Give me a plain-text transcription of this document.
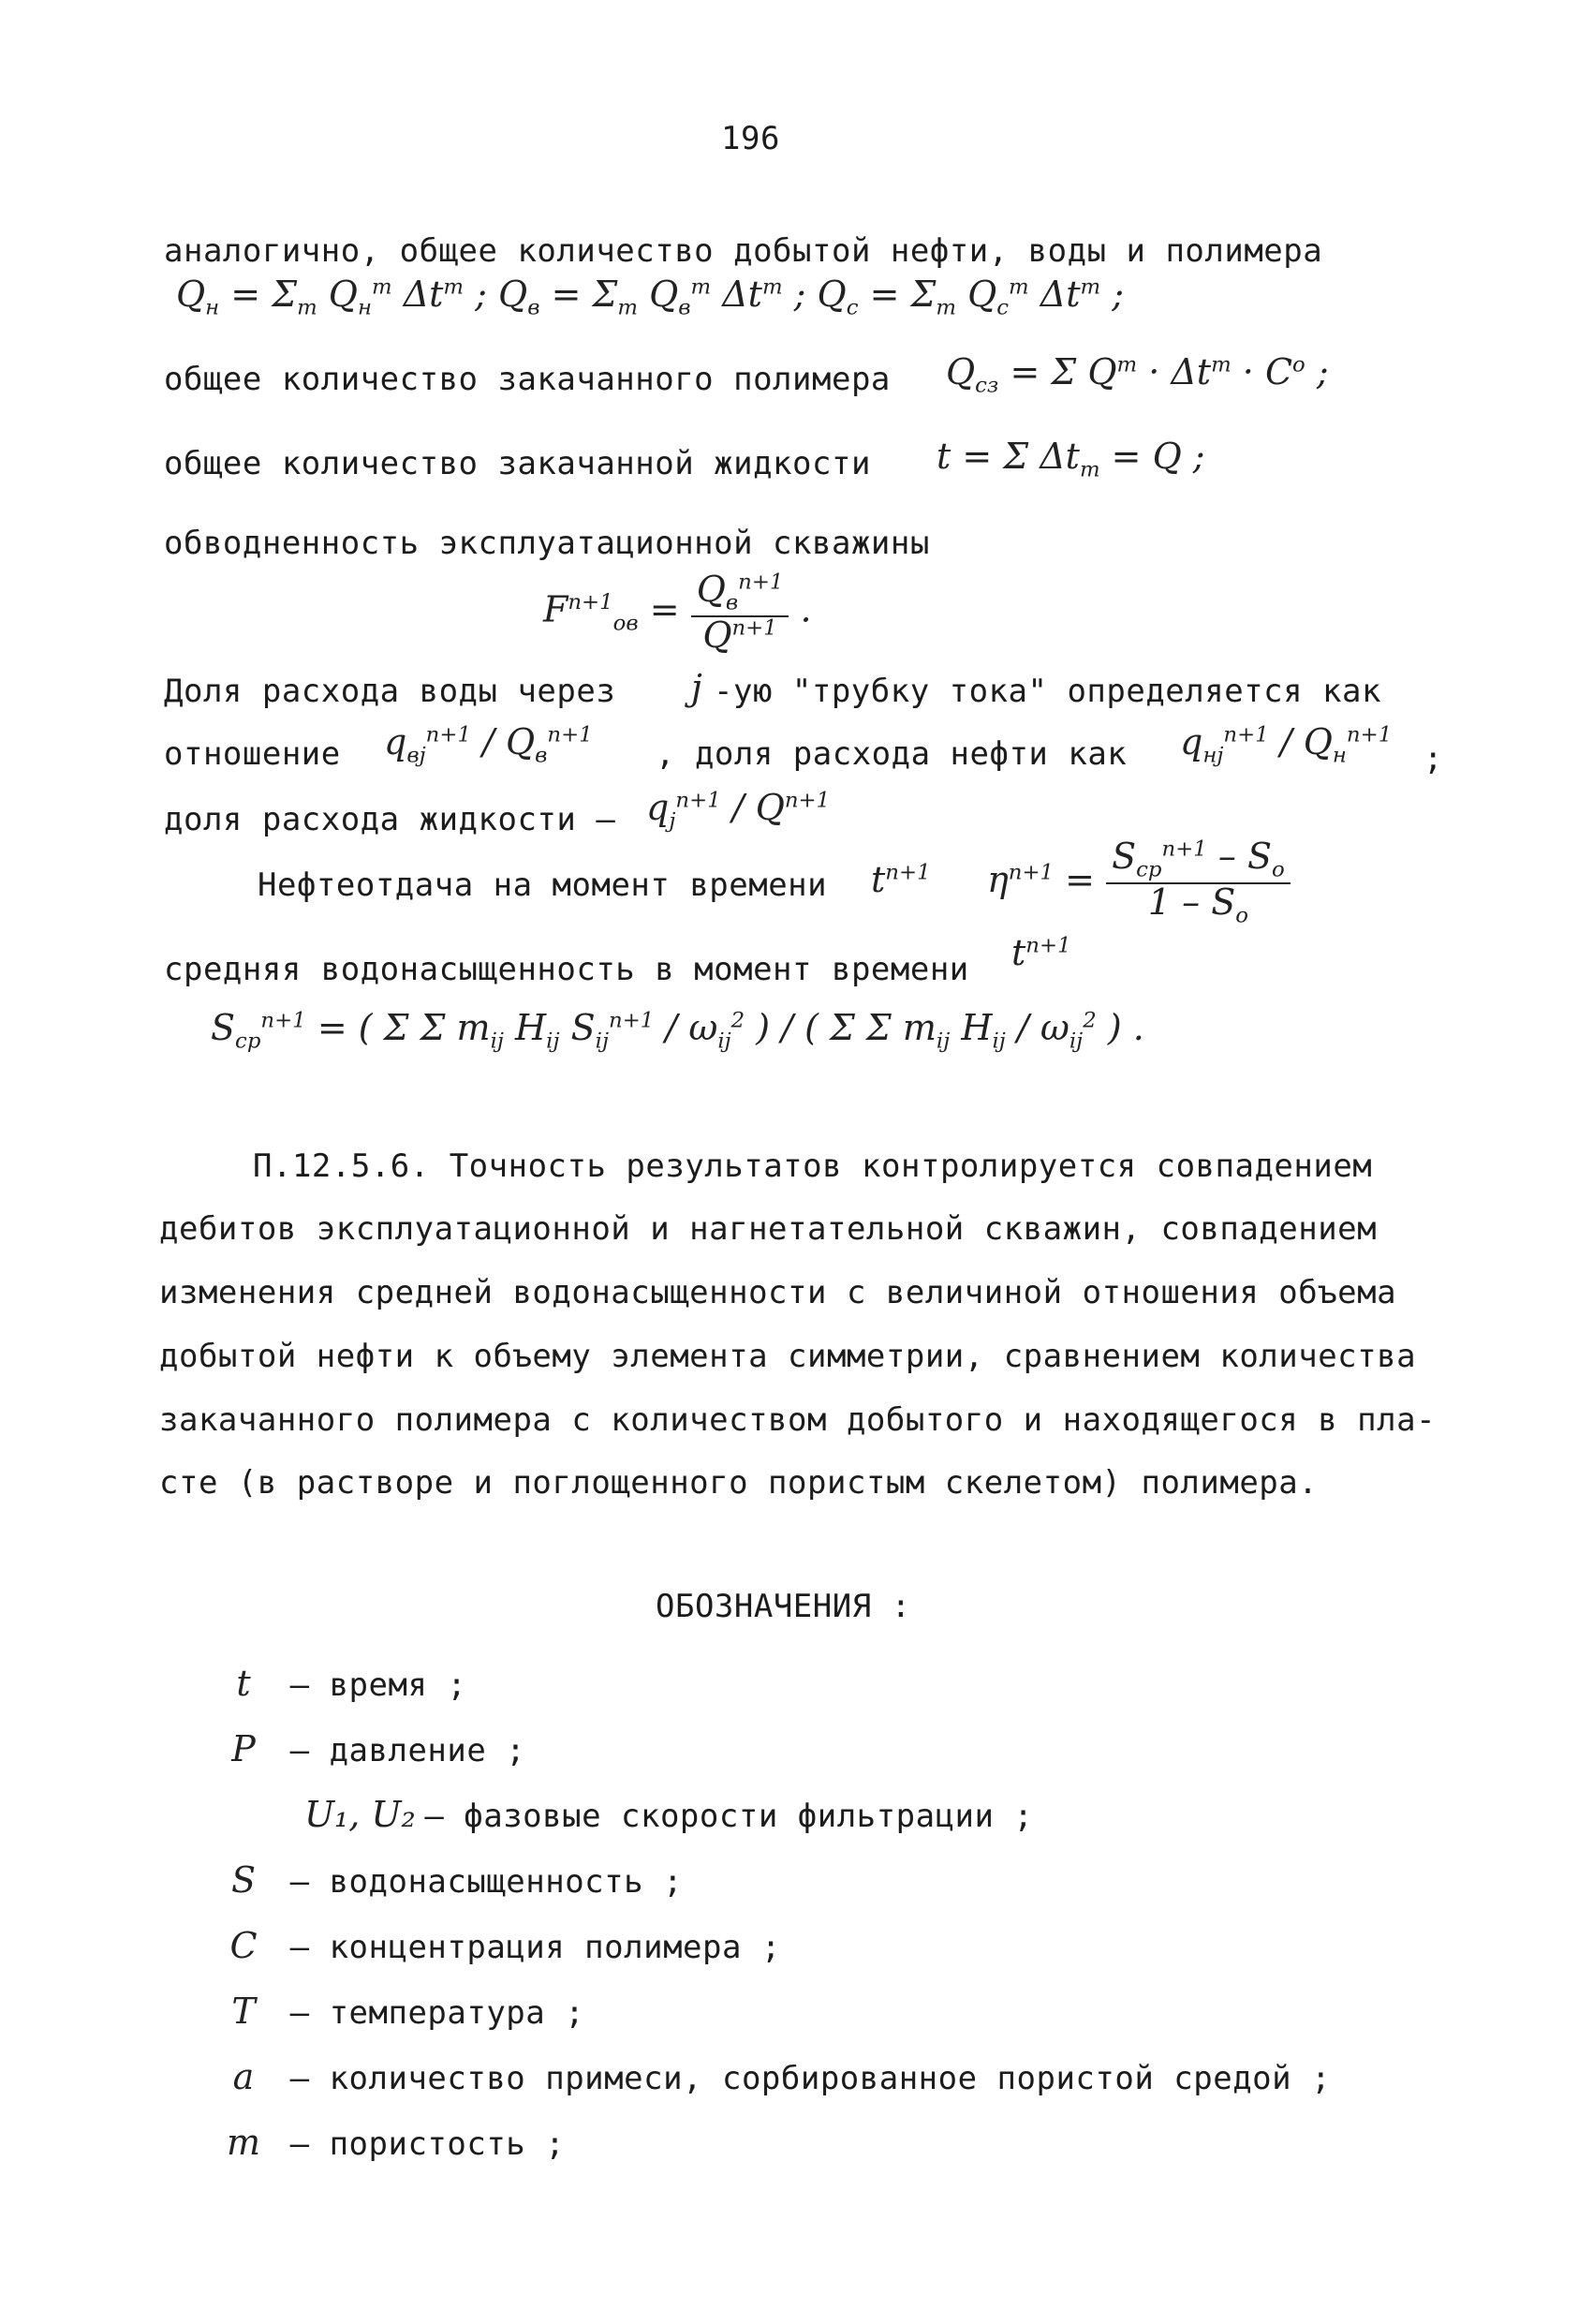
196
аналогично, общее количество добытой нефти, воды и полимера
$Q_н = \Sigma_m$ $Q_н^m$ $\Delta t^m$ ; $Q_в = \Sigma_m$ $Q_в^m$ $\Delta t^m$ ; $Q_c = \Sigma_m$ $Q_c^m$ $\Delta t^m$ ;
общее количество закачанного полимера $Q_{cз} = \Sigma$ $Q^m \cdot \Delta t^m \cdot C^o$ ;
общее количество закачанной жидкости t = Σ $\Delta t_m = Q$ ;
обводненность эксплуатационной скважины
$F^{n+1}_{ов} = \frac{Q_в^{n+1}}{Q^{n+1}}$ .
Доля расхода воды через j -ую "трубку тока" определяется как
отношение $q_{вj}^{n+1} / Q_в^{n+1}$
, доля расхода нефти как $q_{нj}^{n+1} / Q_н^{n+1}$
;
доля расхода жидкости – $q_j^{n+1} / Q^{n+1}$
Нефтеотдача на момент времени $t^{n+1}$ $\eta^{n+1} = \frac{S_{cp}^{n+1} - S_o}{1 - S_o}$
средняя водонасыщенность в момент времени $t^{n+1}$
$S_{cp}^{n+1}$ = ( Σ Σ $m_{ij}$ $H_{ij}$ $S_{ij}^{n+1} / \omega_{ij}^2$ ) / ( Σ Σ $m_{ij}$ $H_{ij} / \omega_{ij}^2$ ) .
П.12.5.6. Точность результатов контролируется совпадением
дебитов эксплуатационной и нагнетательной скважин, совпадением
изменения средней водонасыщенности с величиной отношения объема
добытой нефти к объему элемента симметрии, сравнением количества
закачанного полимера с количеством добытого и находящегося в пла-
сте (в растворе и поглощенного пористым скелетом) полимера.
ОБОЗНАЧЕНИЯ :
t – время ;
P – давление ;
U₁, U₂ – фазовые скорости фильтрации ;
S – водонасыщенность ;
C – концентрация полимера ;
T – температура ;
a – количество примеси, сорбированное пористой средой ;
m – пористость ;
